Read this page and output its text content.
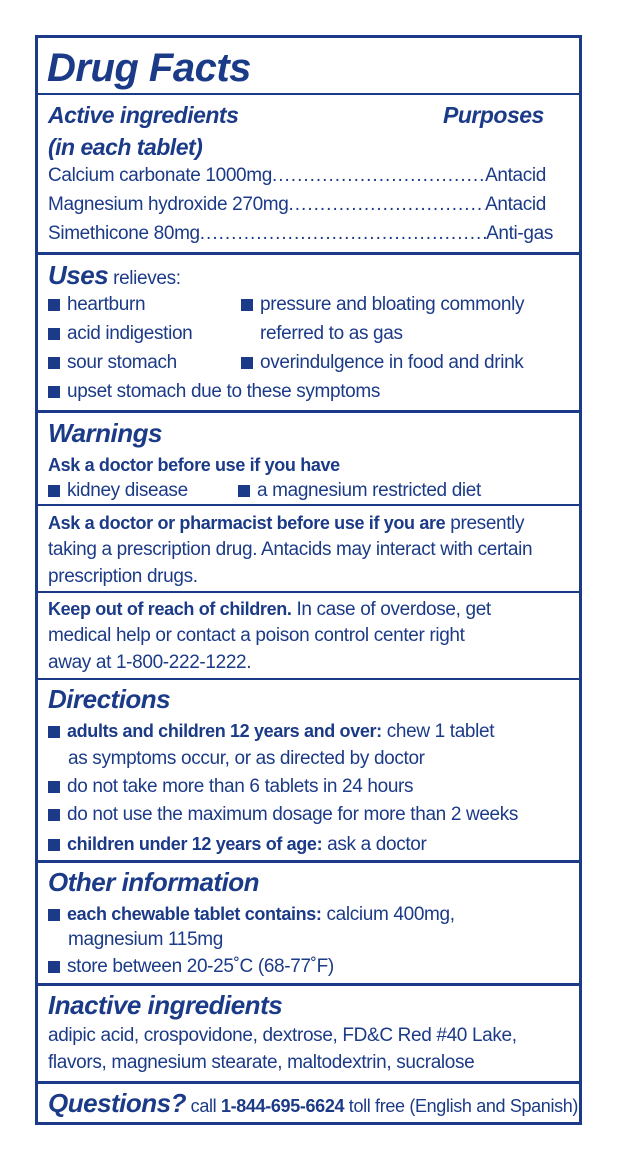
Drug Facts
Active ingredients	Purposes
(in each tablet)
Calcium carbonate 1000mg .....	Antacid
Magnesium hydroxide 270mg .....	Antacid
Simethicone 80mg .....	Anti-gas
Uses relieves:
heartburn
acid indigestion
sour stomach
pressure and bloating commonly
referred to as gas
overindulgence in food and drink
upset stomach due to these symptoms
Warnings
Ask a doctor before use if you have
kidney disease	a magnesium restricted diet
Ask a doctor or pharmacist before use if you are presently
taking a prescription drug. Antacids may interact with certain
prescription drugs.
Keep out of reach of children. In case of overdose, get
medical help or contact a poison control center right
away at 1-800-222-1222.
Directions
adults and children 12 years and over: chew 1 tablet
as symptoms occur, or as directed by doctor
do not take more than 6 tablets in 24 hours
do not use the maximum dosage for more than 2 weeks
children under 12 years of age: ask a doctor
Other information
each chewable tablet contains: calcium 400mg,
magnesium 115mg
store between 20-25˚C (68-77˚F)
Inactive ingredients
adipic acid, crospovidone, dextrose, FD&C Red #40 Lake,
flavors, magnesium stearate, maltodextrin, sucralose
Questions? call 1-844-695-6624 toll free (English and Spanish)
